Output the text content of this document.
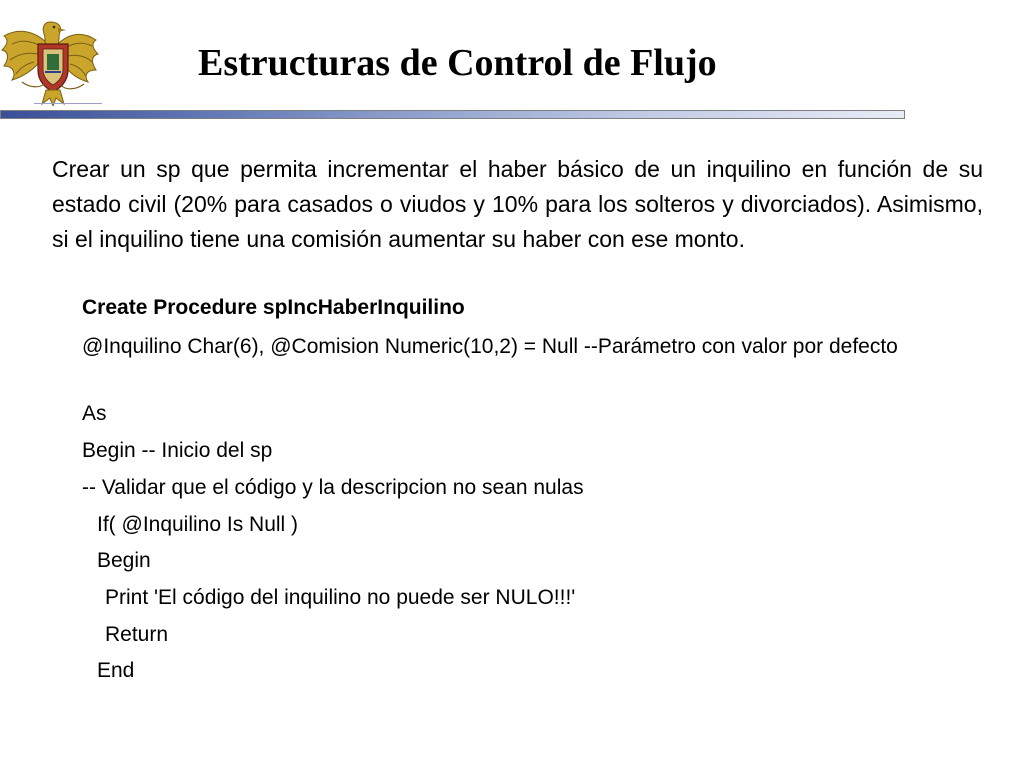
Estructuras de Control de Flujo

Crear un sp que permita incrementar el haber básico de un inquilino en función de su estado civil (20% para casados o viudos y 10% para los solteros y divorciados). Asimismo, si el inquilino tiene una comisión aumentar su haber con ese monto.

Create Procedure spIncHaberInquilino

@Inquilino Char(6), @Comision Numeric(10,2) = Null --Parámetro con valor por defecto

As

Begin -- Inicio del sp

-- Validar que el código y la descripcion no sean nulas

If( @Inquilino Is Null )

Begin

Print 'El código del inquilino no puede ser NULO!!!'

Return

End
